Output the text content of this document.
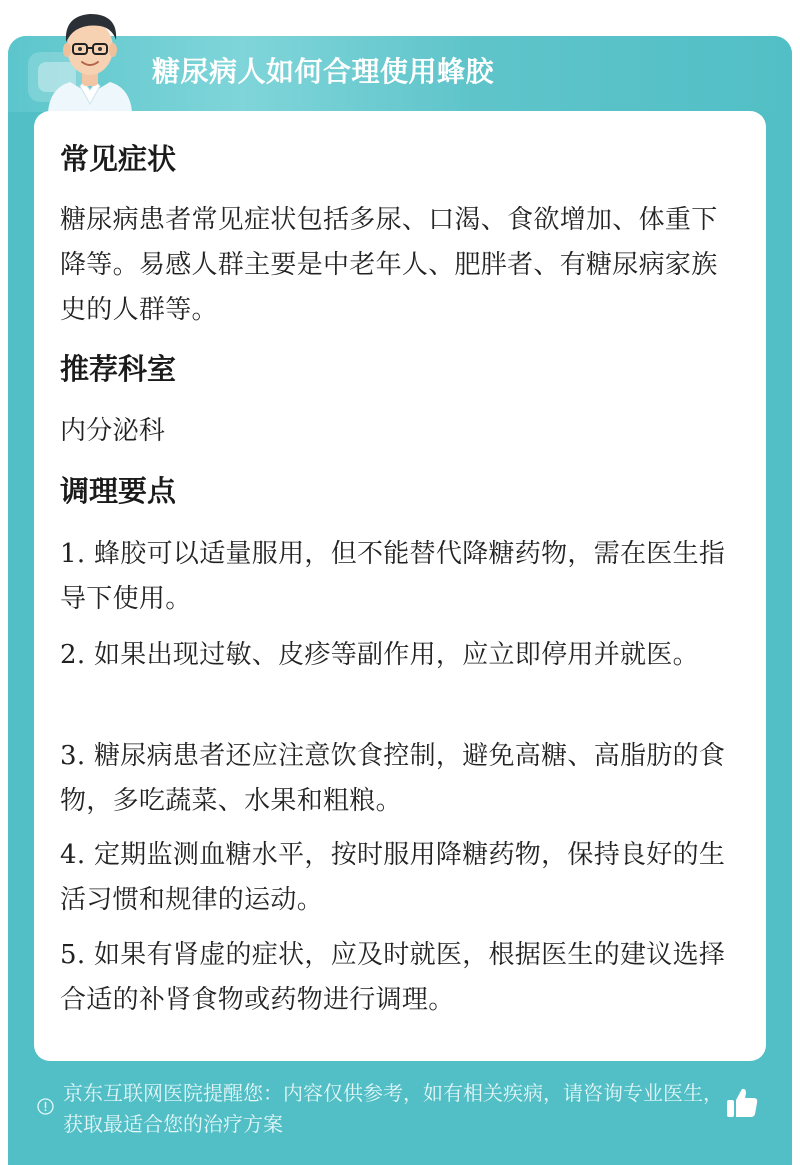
糖尿病人如何合理使用蜂胶
常见症状
糖尿病患者常见症状包括多尿、口渴、食欲增加、体重下降等。易感人群主要是中老年人、肥胖者、有糖尿病家族史的人群等。
推荐科室
内分泌科
调理要点
1. 蜂胶可以适量服用，但不能替代降糖药物，需在医生指导下使用。
2. 如果出现过敏、皮疹等副作用，应立即停用并就医。
3. 糖尿病患者还应注意饮食控制，避免高糖、高脂肪的食物，多吃蔬菜、水果和粗粮。
4. 定期监测血糖水平，按时服用降糖药物，保持良好的生活习惯和规律的运动。
5. 如果有肾虚的症状，应及时就医，根据医生的建议选择合适的补肾食物或药物进行调理。
京东互联网医院提醒您：内容仅供参考，如有相关疾病，请咨询专业医生，获取最适合您的治疗方案
